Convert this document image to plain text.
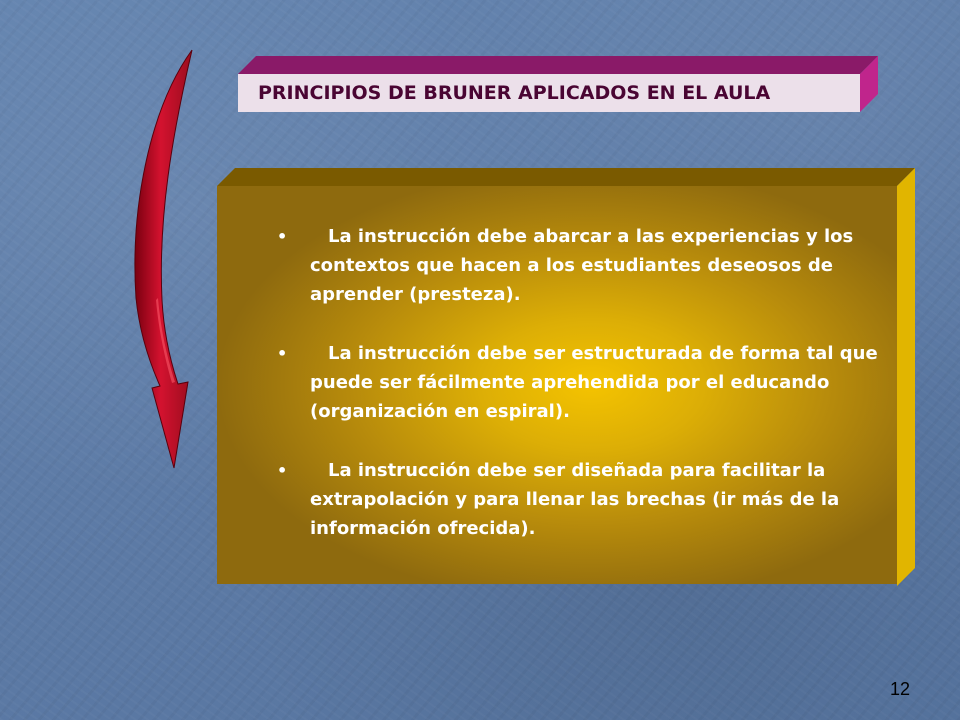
PRINCIPIOS DE BRUNER APLICADOS EN EL AULA
•	La instrucción debe abarcar a las experiencias y los contextos que hacen a los estudiantes deseosos de aprender (presteza).
•	La instrucción debe ser estructurada de forma tal que puede ser fácilmente aprehendida por el educando (organización en espiral).
•	La instrucción debe ser diseñada para facilitar la extrapolación y para llenar las brechas (ir más de la información ofrecida).
12
